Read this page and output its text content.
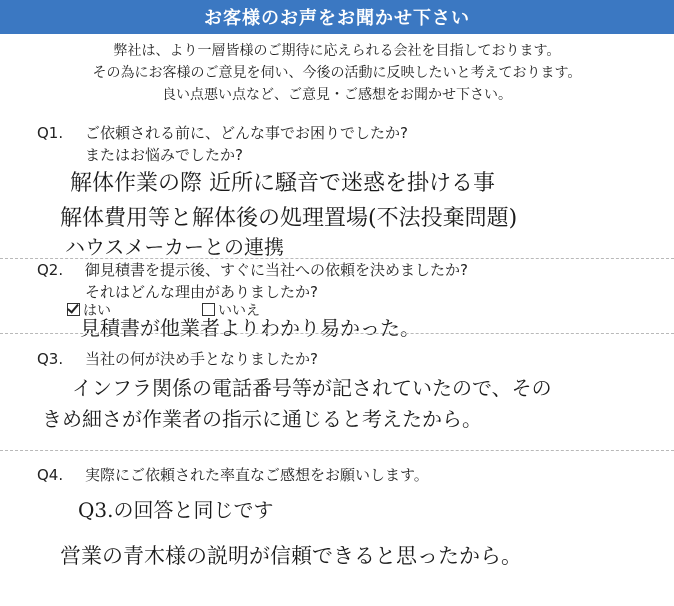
お客様のお声をお聞かせ下さい
弊社は、より一層皆様のご期待に応えられる会社を目指しております。
その為にお客様のご意見を伺い、今後の活動に反映したいと考えております。
良い点悪い点など、ご意見・ご感想をお聞かせ下さい。
Q1. ご依頼される前に、どんな事でお困りでしたか?
またはお悩みでしたか?
解体作業の際 近所に騒音で迷惑を掛ける事
解体費用等と解体後の処理置場(不法投棄問題)
ハウスメーカーとの連携
Q2. 御見積書を提示後、すぐに当社への依頼を決めましたか?
それはどんな理由がありましたか?
はい	いいえ
見積書が他業者よりわかり易かった。
Q3. 当社の何が決め手となりましたか?
インフラ関係の電話番号等が記されていたので、その
きめ細さが作業者の指示に通じると考えたから。
Q4. 実際にご依頼された率直なご感想をお願いします。
Q3.の回答と同じです
営業の青木様の説明が信頼できると思ったから。
